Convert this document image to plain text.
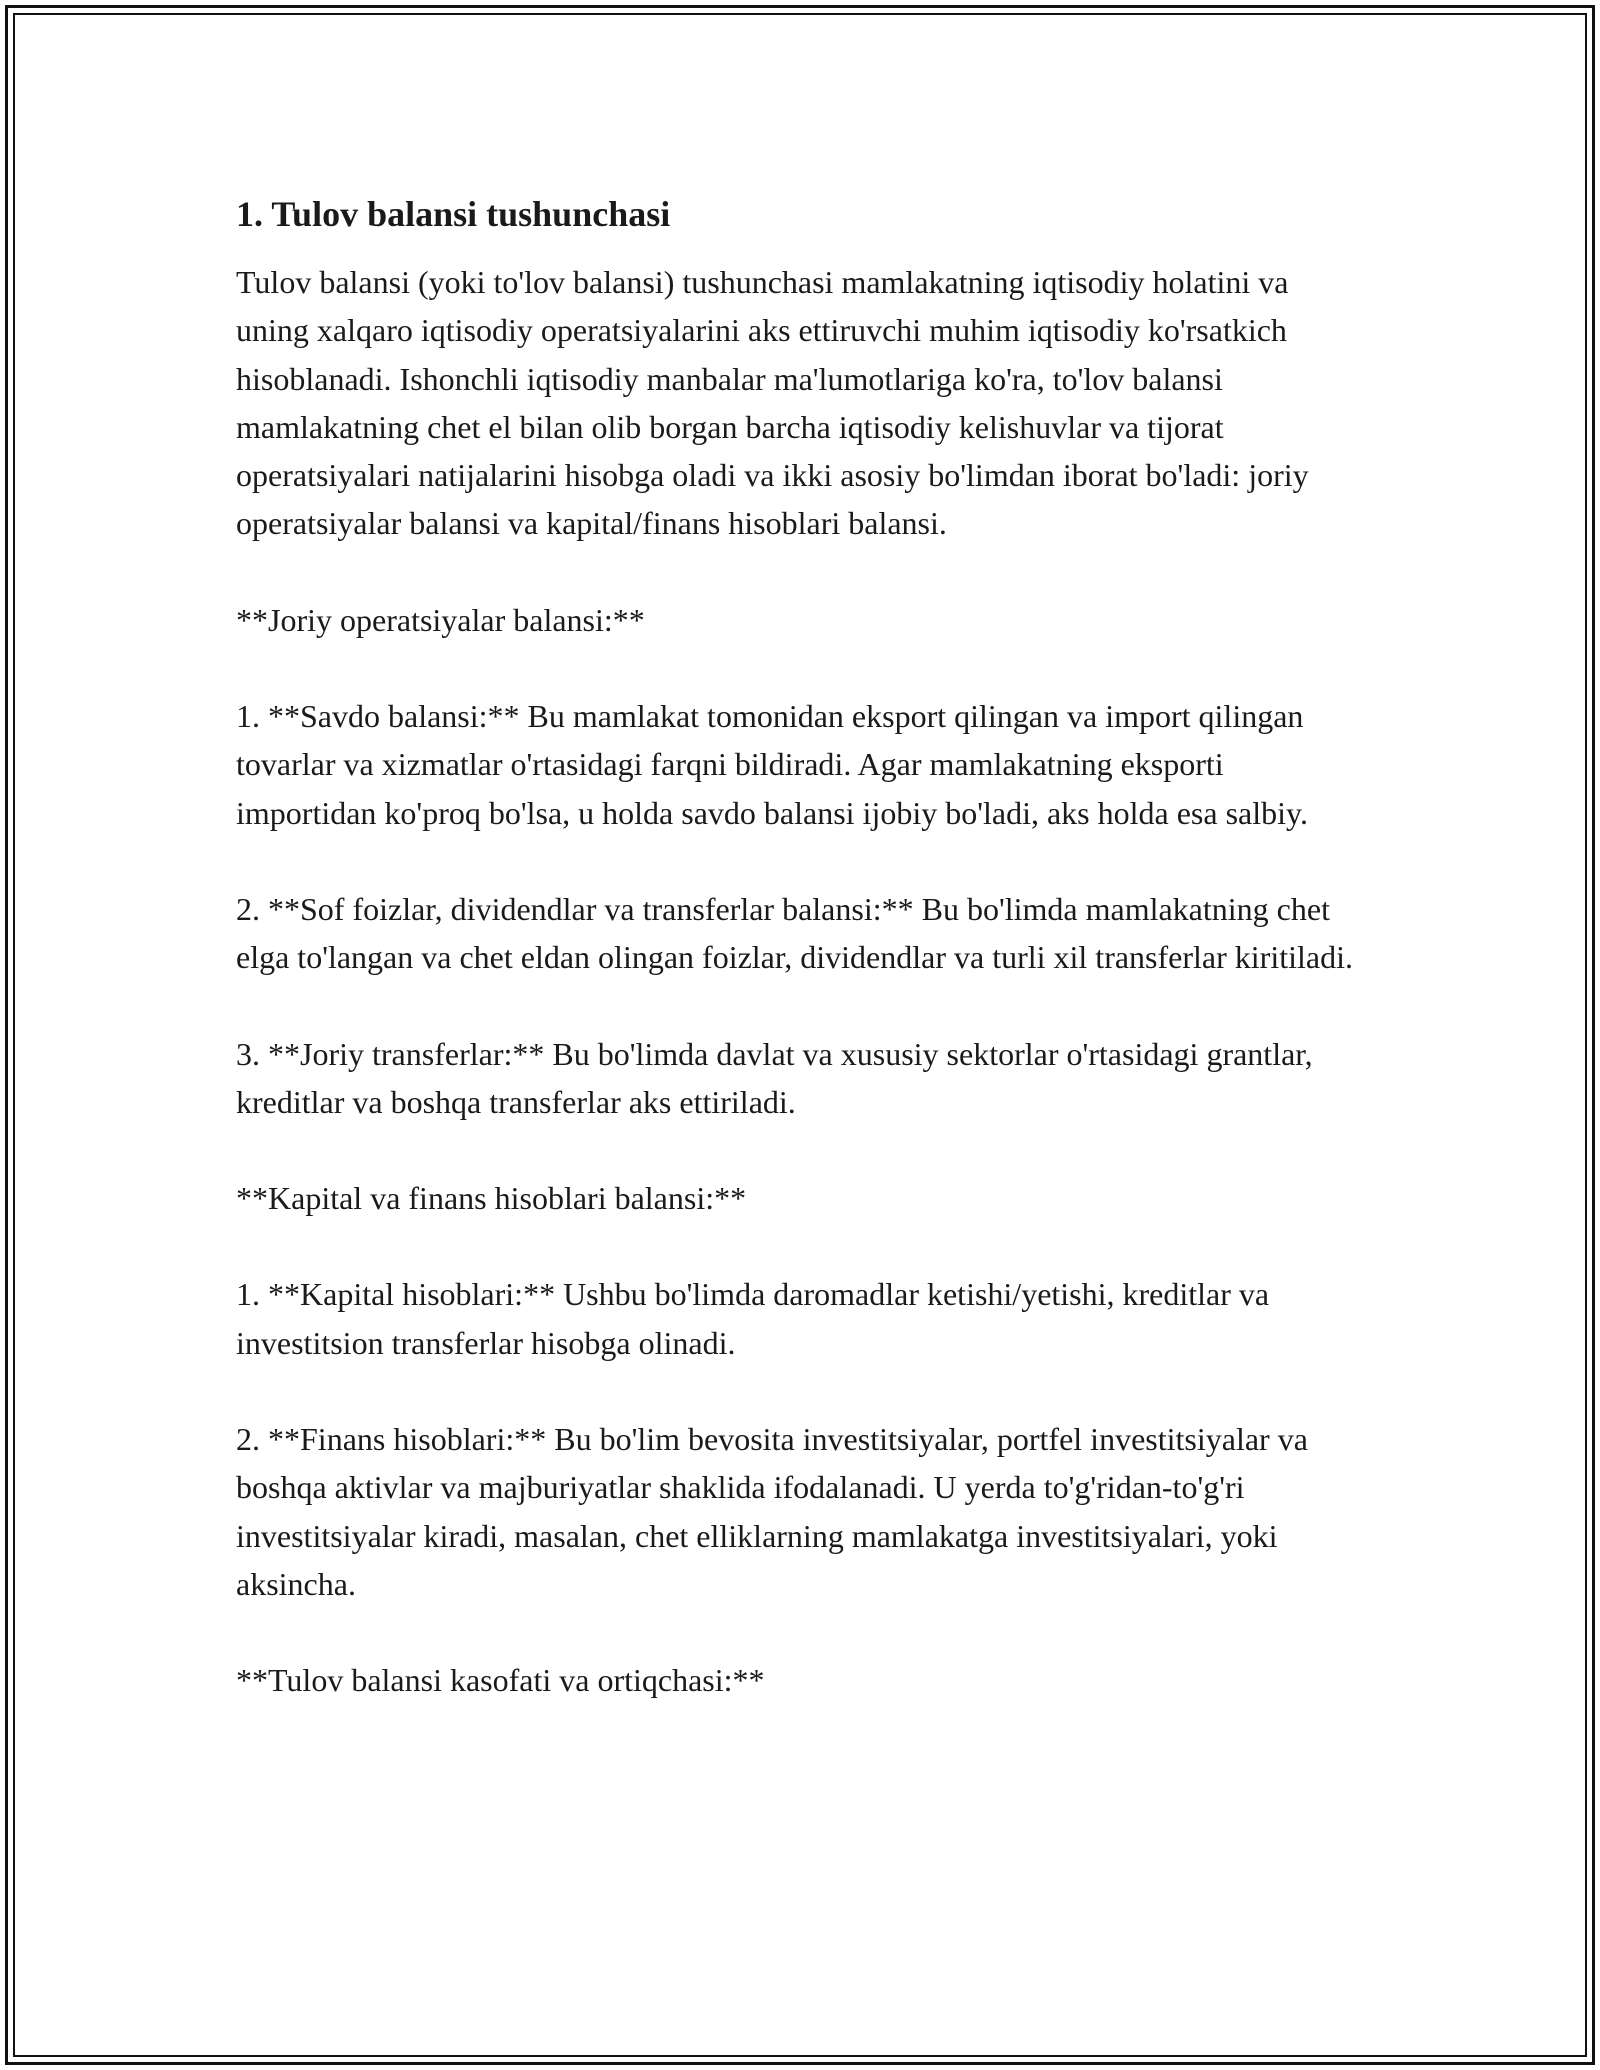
1. Tulov balansi tushunchasi

Tulov balansi (yoki to'lov balansi) tushunchasi mamlakatning iqtisodiy holatini va uning xalqaro iqtisodiy operatsiyalarini aks ettiruvchi muhim iqtisodiy ko'rsatkich hisoblanadi. Ishonchli iqtisodiy manbalar ma'lumotlariga ko'ra, to'lov balansi mamlakatning chet el bilan olib borgan barcha iqtisodiy kelishuvlar va tijorat operatsiyalari natijalarini hisobga oladi va ikki asosiy bo'limdan iborat bo'ladi: joriy operatsiyalar balansi va kapital/finans hisoblari balansi.

**Joriy operatsiyalar balansi:**

1. **Savdo balansi:** Bu mamlakat tomonidan eksport qilingan va import qilingan tovarlar va xizmatlar o'rtasidagi farqni bildiradi. Agar mamlakatning eksporti importidan ko'proq bo'lsa, u holda savdo balansi ijobiy bo'ladi, aks holda esa salbiy.

2. **Sof foizlar, dividendlar va transferlar balansi:** Bu bo'limda mamlakatning chet elga to'langan va chet eldan olingan foizlar, dividendlar va turli xil transferlar kiritiladi.

3. **Joriy transferlar:** Bu bo'limda davlat va xususiy sektorlar o'rtasidagi grantlar, kreditlar va boshqa transferlar aks ettiriladi.

**Kapital va finans hisoblari balansi:**

1. **Kapital hisoblari:** Ushbu bo'limda daromadlar ketishi/yetishi, kreditlar va investitsion transferlar hisobga olinadi.

2. **Finans hisoblari:** Bu bo'lim bevosita investitsiyalar, portfel investitsiyalar va boshqa aktivlar va majburiyatlar shaklida ifodalanadi. U yerda to'g'ridan-to'g'ri investitsiyalar kiradi, masalan, chet elliklarning mamlakatga investitsiyalari, yoki aksincha.

**Tulov balansi kasofati va ortiqchasi:**
